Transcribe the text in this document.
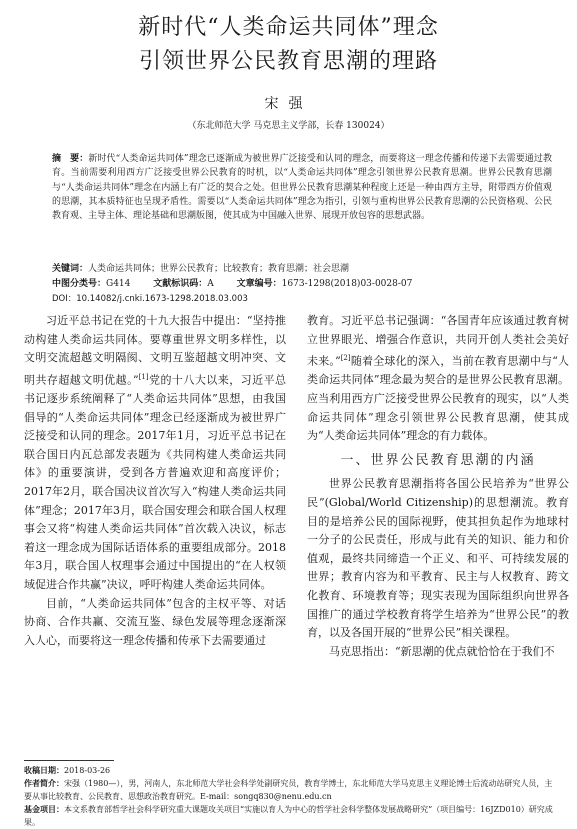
新时代“人类命运共同体”理念
引领世界公民教育思潮的理路
宋强
（东北师范大学 马克思主义学部，长春 130024）
摘　要：新时代“人类命运共同体”理念已逐渐成为被世界广泛接受和认同的理念，而要将这一理念传播和传递下去需要通过教育。当前需要利用西方广泛接受世界公民教育的时机，以“人类命运共同体”理念引领世界公民教育思潮。世界公民教育思潮与“人类命运共同体”理念在内涵上有广泛的契合之处。但世界公民教育思潮某种程度上还是一种由西方主导，附带西方价值观的思潮，其本质特征也呈现矛盾性。需要以“人类命运共同体”理念为指引，引领与重构世界公民教育思潮的公民资格观、公民教育观、主导主体、理论基础和思潮版图，使其成为中国融入世界、展现开放包容的思想武器。
关键词：人类命运共同体；世界公民教育；比较教育；教育思潮；社会思潮
中图分类号：G414	文献标识码：A	文章编号：1673-1298(2018)03-0028-07
DOI：10.14082/j.cnki.1673-1298.2018.03.003

习近平总书记在党的十九大报告中提出：“坚持推动构建人类命运共同体。要尊重世界文明多样性，以文明交流超越文明隔阂、文明互鉴超越文明冲突、文明共存超越文明优越。”[1]党的十八大以来，习近平总书记逐步系统阐释了“人类命运共同体”思想，由我国倡导的“人类命运共同体”理念已经逐渐成为被世界广泛接受和认同的理念。2017年1月，习近平总书记在联合国日内瓦总部发表题为《共同构建人类命运共同体》的重要演讲，受到各方普遍欢迎和高度评价；2017年2月，联合国决议首次写入“构建人类命运共同体”理念；2017年3月，联合国安理会和联合国人权理事会又将“构建人类命运共同体”首次载入决议，标志着这一理念成为国际话语体系的重要组成部分。2018年3月，联合国人权理事会通过中国提出的“在人权领域促进合作共赢”决议，呼吁构建人类命运共同体。

目前，“人类命运共同体”包含的主权平等、对话协商、合作共赢、交流互鉴、绿色发展等理念逐渐深入人心，而要将这一理念传播和传承下去需要通过

教育。习近平总书记强调：“各国青年应该通过教育树立世界眼光、增强合作意识，共同开创人类社会美好未来。”[2]随着全球化的深入，当前在教育思潮中与“人类命运共同体”理念最为契合的是世界公民教育思潮。应当利用西方广泛接受世界公民教育的现实，以“人类命运共同体”理念引领世界公民教育思潮，使其成为“人类命运共同体”理念的有力载体。

一、世界公民教育思潮的内涵

世界公民教育思潮指将各国公民培养为“世界公民”(Global/World Citizenship)的思想潮流。教育目的是培养公民的国际视野，使其担负起作为地球村一分子的公民责任，形成与此有关的知识、能力和价值观，最终共同缔造一个正义、和平、可持续发展的世界；教育内容为和平教育、民主与人权教育、跨文化教育、环境教育等；现实表现为国际组织向世界各国推广的通过学校教育将学生培养为“世界公民”的教育，以及各国开展的“世界公民”相关课程。

马克思指出：“新思潮的优点就恰恰在于我们不

收稿日期：2018-03-26
作者简介：宋强（1980—），男，河南人，东北师范大学社会科学处副研究员，教育学博士，东北师范大学马克思主义理论博士后流动站研究人员，主要从事比较教育、公民教育、思想政治教育研究。E-mail：songq830@nenu.edu.cn
基金项目：本文系教育部哲学社会科学研究重大课题攻关项目“实施以育人为中心的哲学社会科学整体发展战略研究”（项目编号：16JZD010）研究成果。
